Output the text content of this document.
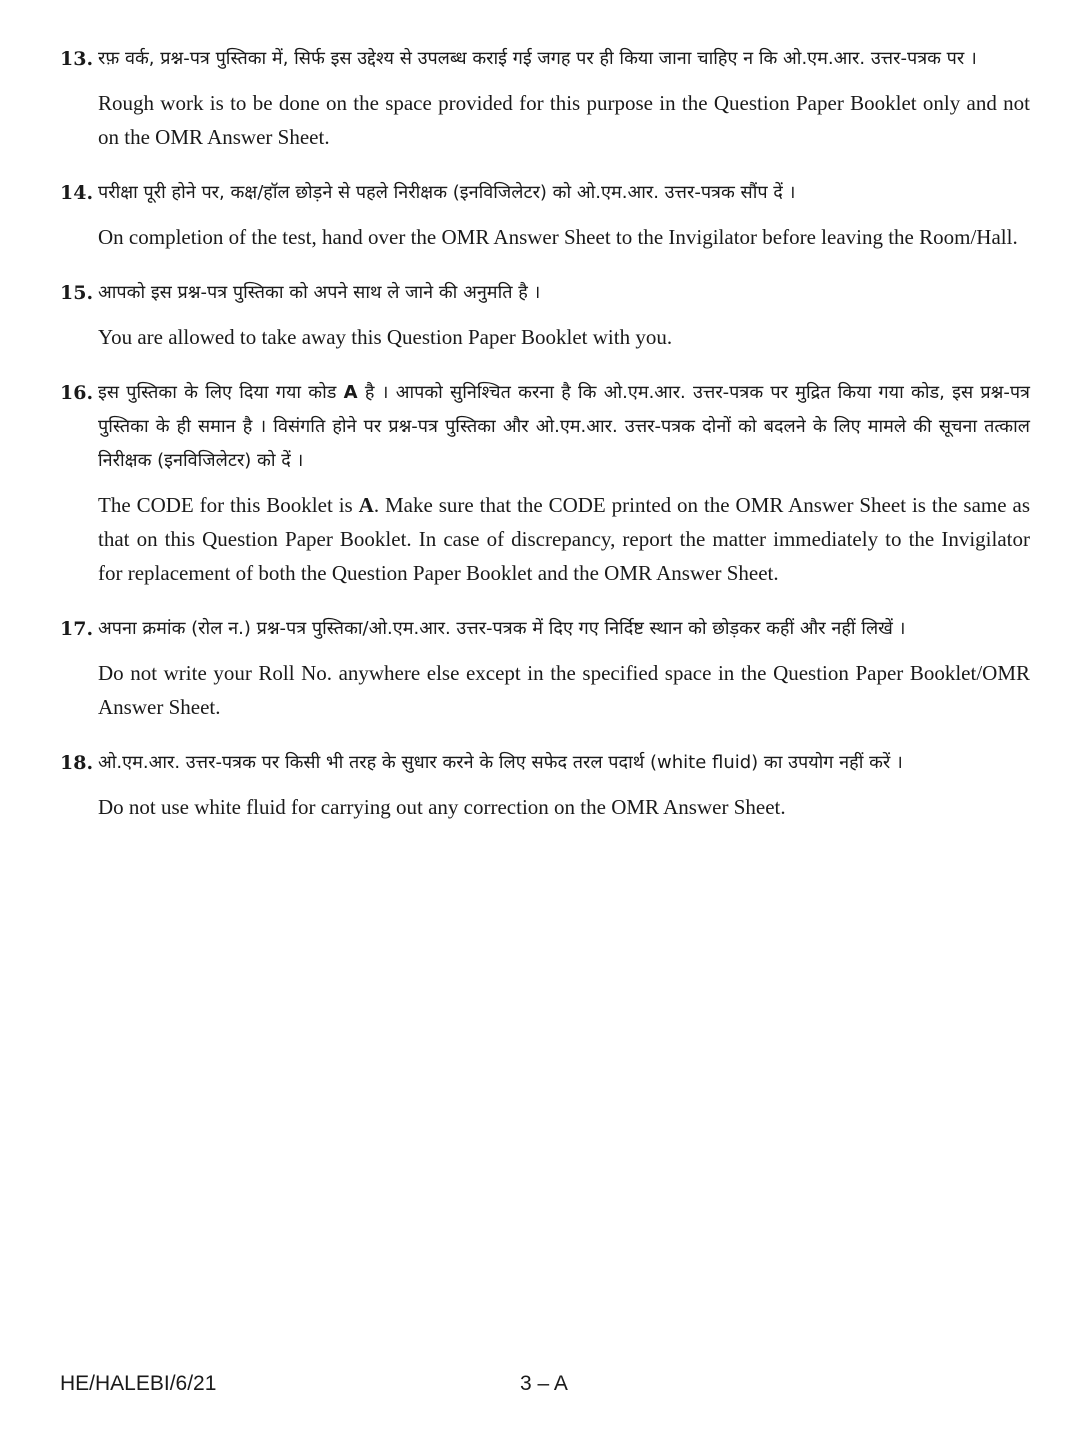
13. रफ़ वर्क, प्रश्न-पत्र पुस्तिका में, सिर्फ इस उद्देश्य से उपलब्ध कराई गई जगह पर ही किया जाना चाहिए न कि ओ.एम.आर. उत्तर-पत्रक पर ।

Rough work is to be done on the space provided for this purpose in the Question Paper Booklet only and not on the OMR Answer Sheet.

14. परीक्षा पूरी होने पर, कक्ष/हॉल छोड़ने से पहले निरीक्षक (इनविजिलेटर) को ओ.एम.आर. उत्तर-पत्रक सौंप दें ।

On completion of the test, hand over the OMR Answer Sheet to the Invigilator before leaving the Room/Hall.

15. आपको इस प्रश्न-पत्र पुस्तिका को अपने साथ ले जाने की अनुमति है ।

You are allowed to take away this Question Paper Booklet with you.

16. इस पुस्तिका के लिए दिया गया कोड A है । आपको सुनिश्चित करना है कि ओ.एम.आर. उत्तर-पत्रक पर मुद्रित किया गया कोड, इस प्रश्न-पत्र पुस्तिका के ही समान है । विसंगति होने पर प्रश्न-पत्र पुस्तिका और ओ.एम.आर. उत्तर-पत्रक दोनों को बदलने के लिए मामले की सूचना तत्काल निरीक्षक (इनविजिलेटर) को दें ।

The CODE for this Booklet is A. Make sure that the CODE printed on the OMR Answer Sheet is the same as that on this Question Paper Booklet. In case of discrepancy, report the matter immediately to the Invigilator for replacement of both the Question Paper Booklet and the OMR Answer Sheet.

17. अपना क्रमांक (रोल न.) प्रश्न-पत्र पुस्तिका/ओ.एम.आर. उत्तर-पत्रक में दिए गए निर्दिष्ट स्थान को छोड़कर कहीं और नहीं लिखें ।

Do not write your Roll No. anywhere else except in the specified space in the Question Paper Booklet/OMR Answer Sheet.

18. ओ.एम.आर. उत्तर-पत्रक पर किसी भी तरह के सुधार करने के लिए सफेद तरल पदार्थ (white fluid) का उपयोग नहीं करें ।

Do not use white fluid for carrying out any correction on the OMR Answer Sheet.

HE/HALEBI/6/21	3 – A
